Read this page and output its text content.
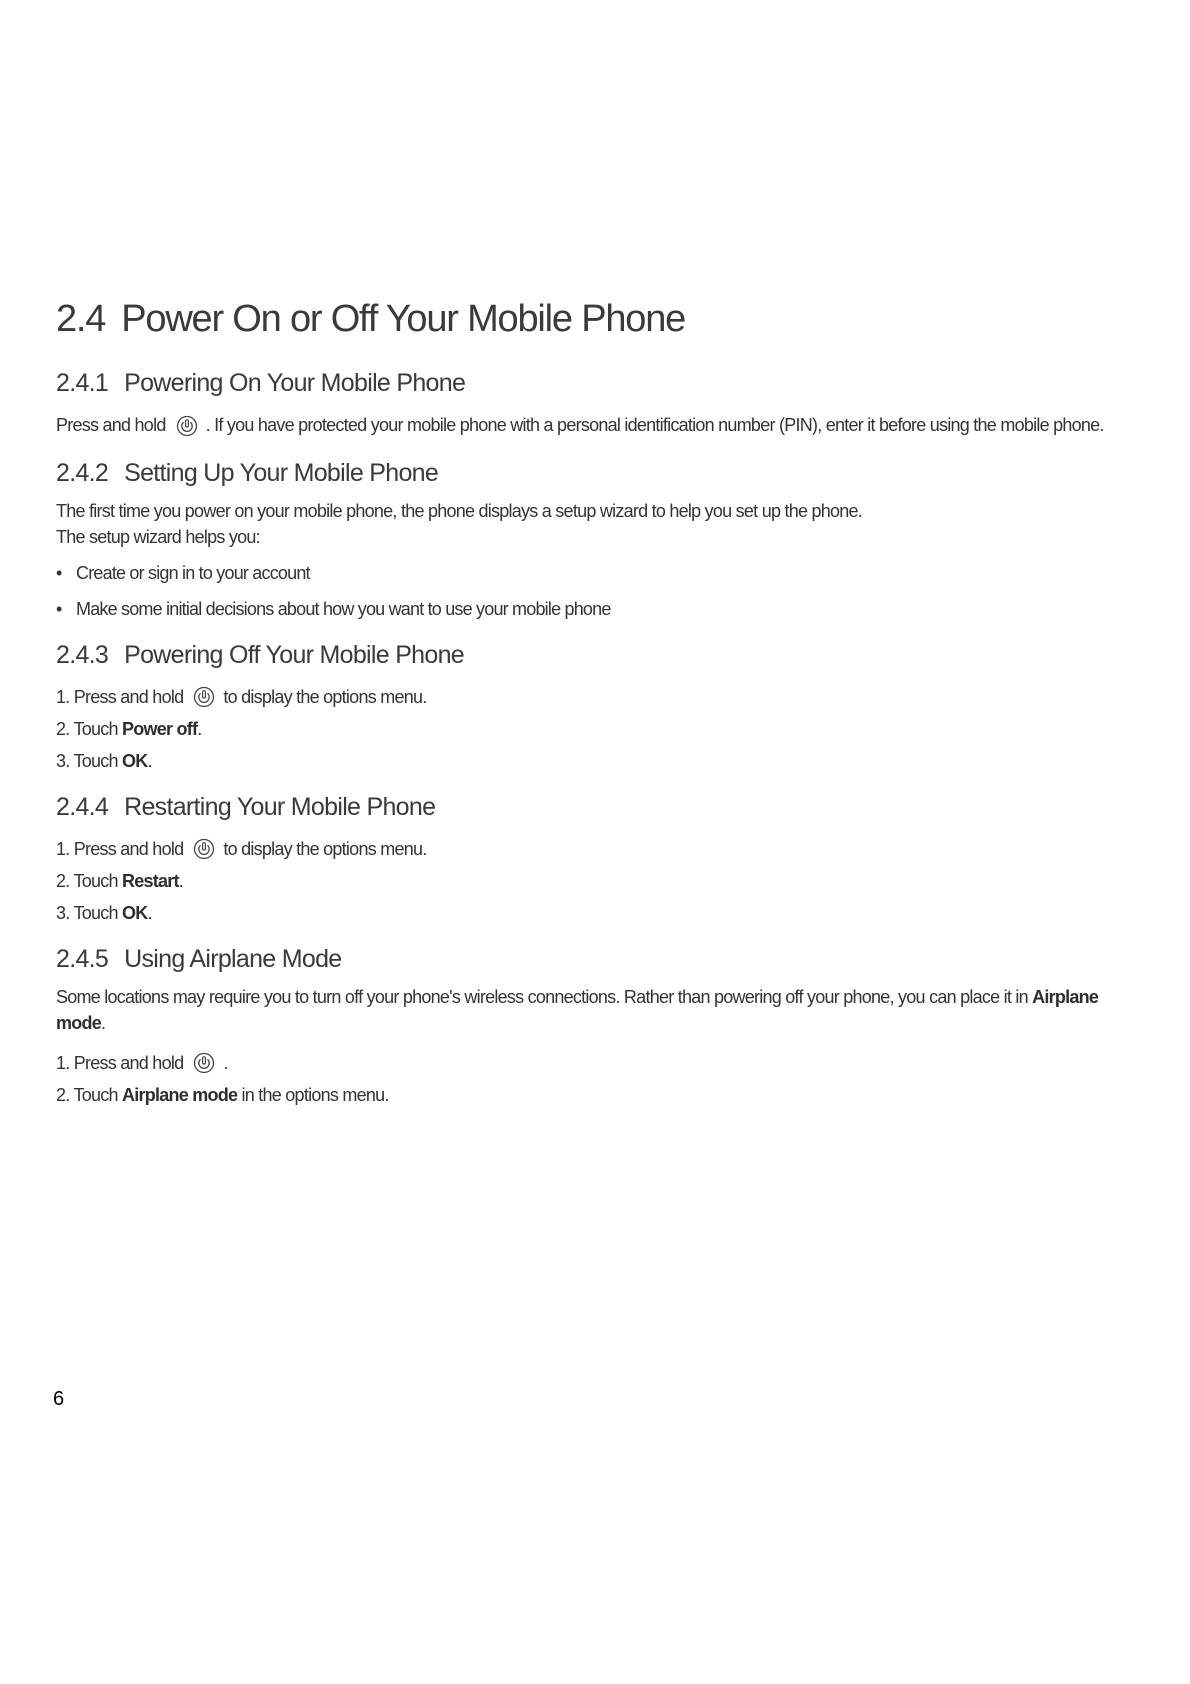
2.4 Power On or Off Your Mobile Phone
2.4.1 Powering On Your Mobile Phone

Press and hold . If you have protected your mobile phone with a personal identification number (PIN), enter it before using the mobile phone.

2.4.2 Setting Up Your Mobile Phone

The first time you power on your mobile phone, the phone displays a setup wizard to help you set up the phone.

The setup wizard helps you:

• Create or sign in to your account
• Make some initial decisions about how you want to use your mobile phone
2.4.3 Powering Off Your Mobile Phone
1. Press and hold to display the options menu.
2. Touch Power off .
3. Touch OK .
2.4.4 Restarting Your Mobile Phone
1. Press and hold to display the options menu.
2. Touch Restart .
3. Touch OK .
2.4.5 Using Airplane Mode

Some locations may require you to turn off your phone's wireless connections. Rather than powering off your phone, you can place it in Airplane mode.

1. Press and hold .
2. Touch Airplane mode in the options menu.
6
